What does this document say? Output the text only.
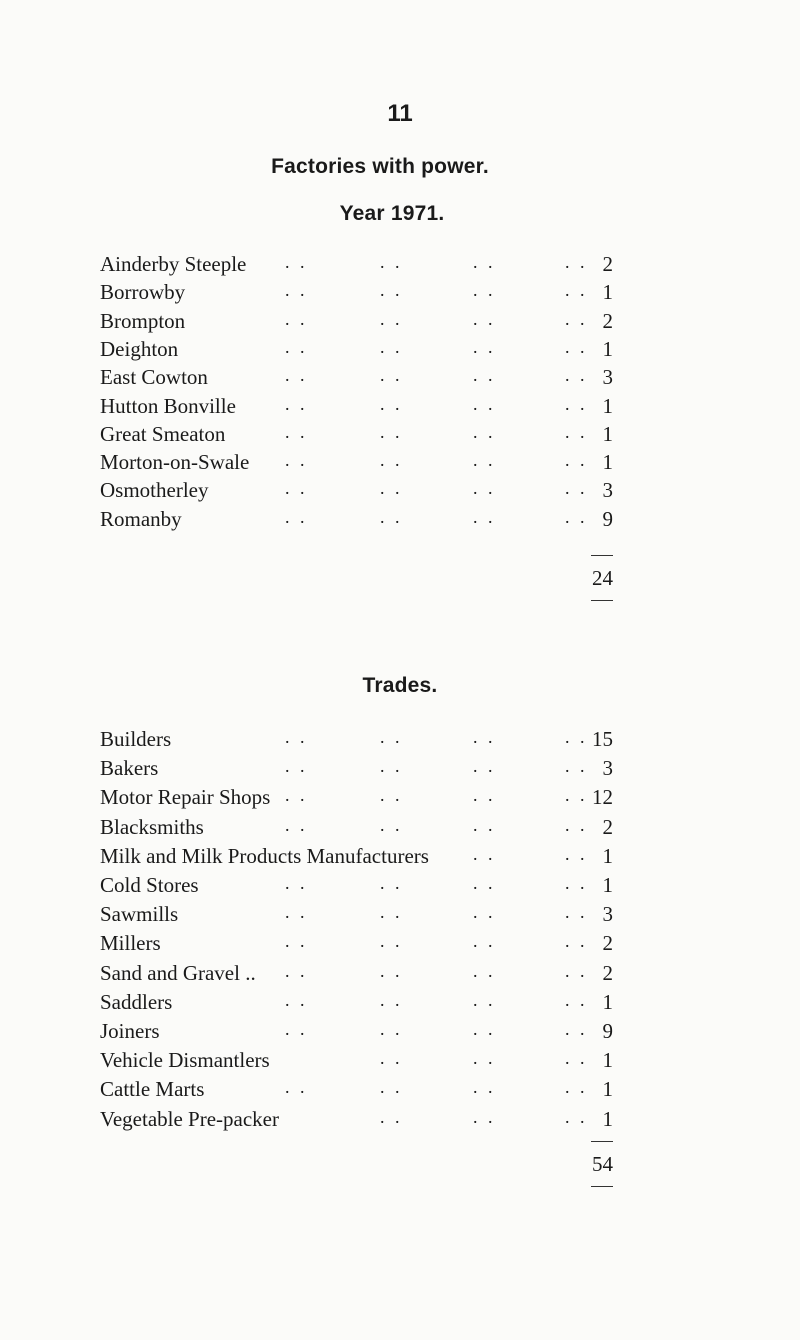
11
Factories with power.
Year 1971.
Ainderby Steeple . .	. .	. .	. . 2
Borrowby	. .	. .	. .	. . 1
Brompton	. .	. .	. .	. . 2
Deighton	. .	. .	. .	. . 1
East Cowton	. .	. .	. .	. . 3
Hutton Bonville	. .	. .	. .	. . 1
Great Smeaton	. .	. .	. .	. . 1
Morton-on-Swale . .	. .	. .	. . 1
Osmotherley	. .	. .	. .	. . 3
Romanby	. .	. .	. .	. . 9
24
Trades.
Builders	. .	. .	. .	. . 15
Bakers	. .	. .	. .	. . 3
Motor Repair Shops . .	. .	. .	. . 12
Blacksmiths	. .	. .	. .	. . 2
Milk and Milk Products Manufacturers . .	. . 1
Cold Stores	. .	. .	. .	. . 1
Sawmills	. .	. .	. .	. . 3
Millers	. .	. .	. .	. . 2
Sand and Gravel .. . .	. .	. .	. . 2
Saddlers	. .	. .	. .	. . 1
Joiners	. .	. .	. .	. . 9
Vehicle Dismantlers	. .	. .	. . 1
Cattle Marts	. .	. .	. .	. . 1
Vegetable Pre-packer	. .	. .	. . 1
54
